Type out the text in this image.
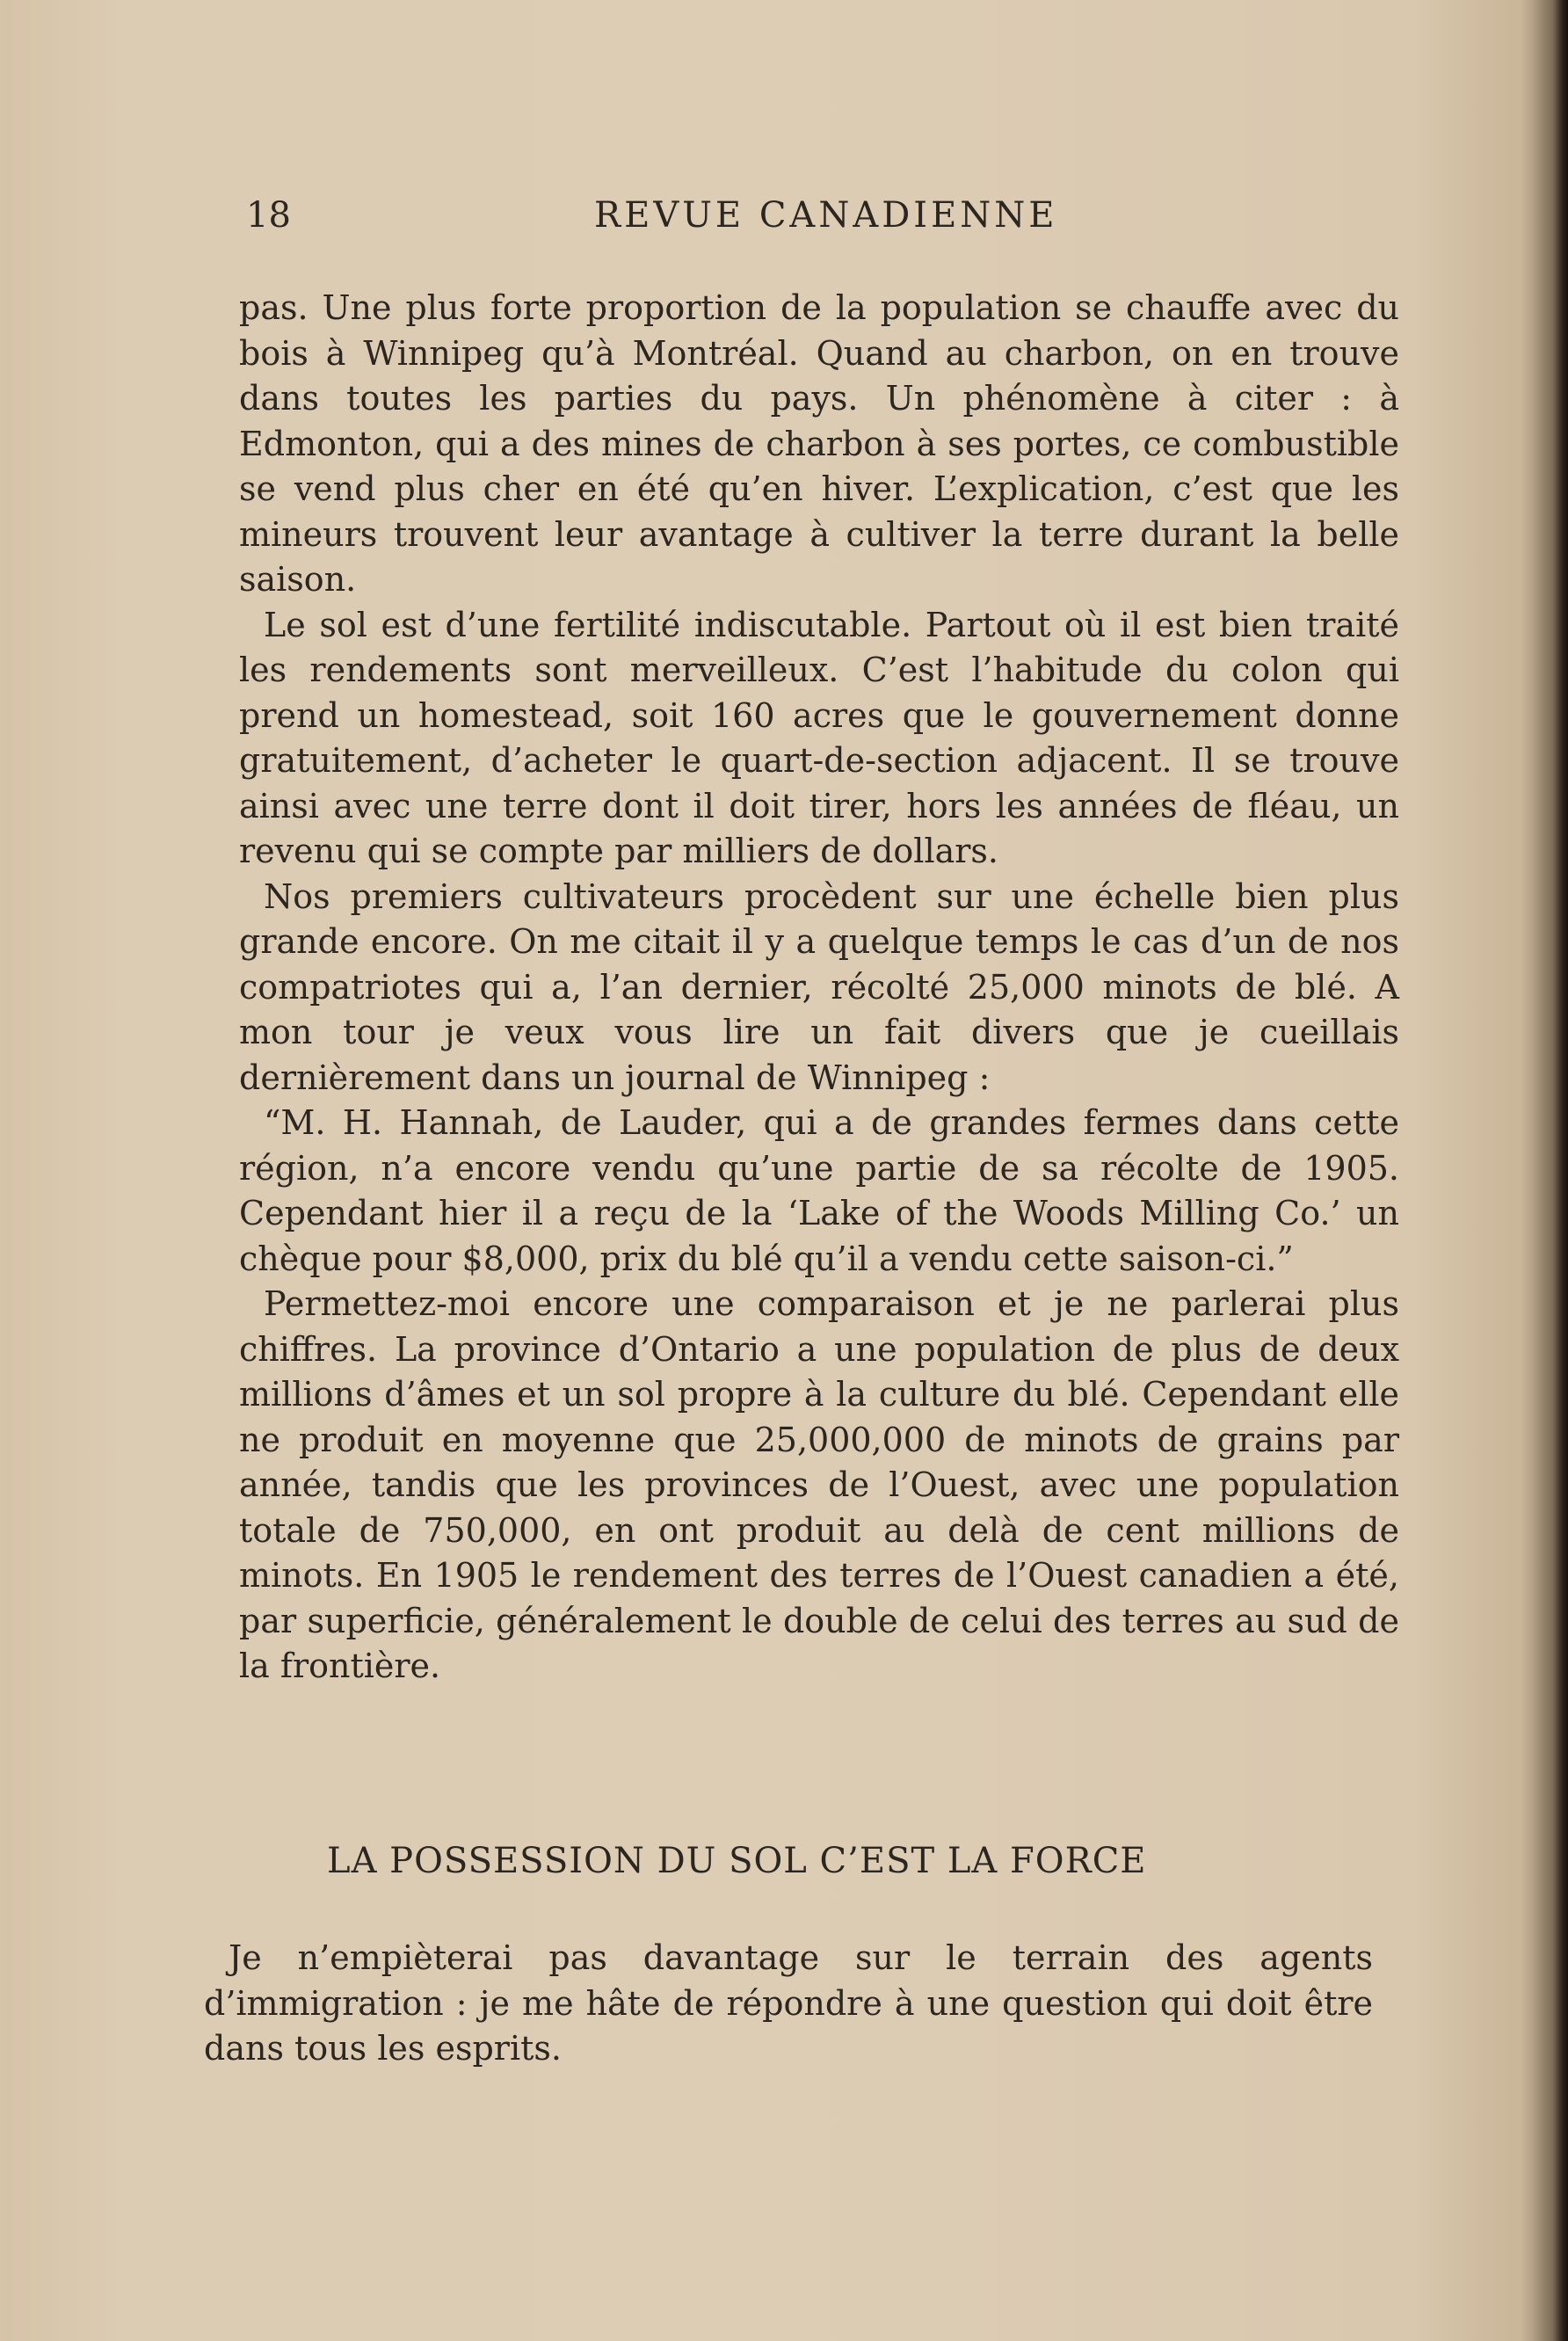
18	REVUE CANADIENNE

pas. Une plus forte proportion de la population se chauffe avec du bois à Winnipeg qu’à Montréal. Quand au charbon, on en trouve dans toutes les parties du pays. Un phénomène à citer : à Edmonton, qui a des mines de charbon à ses portes, ce combustible se vend plus cher en été qu’en hiver. L’explication, c’est que les mineurs trouvent leur avantage à cultiver la terre durant la belle saison.

Le sol est d’une fertilité indiscutable. Partout où il est bien traité les rendements sont merveilleux. C’est l’habitude du colon qui prend un homestead, soit 160 acres que le gouvernement donne gratuitement, d’acheter le quart-de-section adjacent. Il se trouve ainsi avec une terre dont il doit tirer, hors les années de fléau, un revenu qui se compte par milliers de dollars.

Nos premiers cultivateurs procèdent sur une échelle bien plus grande encore. On me citait il y a quelque temps le cas d’un de nos compatriotes qui a, l’an dernier, récolté 25,000 minots de blé. A mon tour je veux vous lire un fait divers que je cueillais dernièrement dans un journal de Winnipeg :

“M. H. Hannah, de Lauder, qui a de grandes fermes dans cette région, n’a encore vendu qu’une partie de sa récolte de 1905. Cependant hier il a reçu de la ‘Lake of the Woods Milling Co.’ un chèque pour $8,000, prix du blé qu’il a vendu cette saison-ci.”

Permettez-moi encore une comparaison et je ne parlerai plus chiffres. La province d’Ontario a une population de plus de deux millions d’âmes et un sol propre à la culture du blé. Cependant elle ne produit en moyenne que 25,000,000 de minots de grains par année, tandis que les provinces de l’Ouest, avec une population totale de 750,000, en ont produit au delà de cent millions de minots. En 1905 le rendement des terres de l’Ouest canadien a été, par superficie, généralement le double de celui des terres au sud de la frontière.

LA POSSESSION DU SOL C’EST LA FORCE

Je n’empièterai pas davantage sur le terrain des agents d’immigration : je me hâte de répondre à une question qui doit être dans tous les esprits.
